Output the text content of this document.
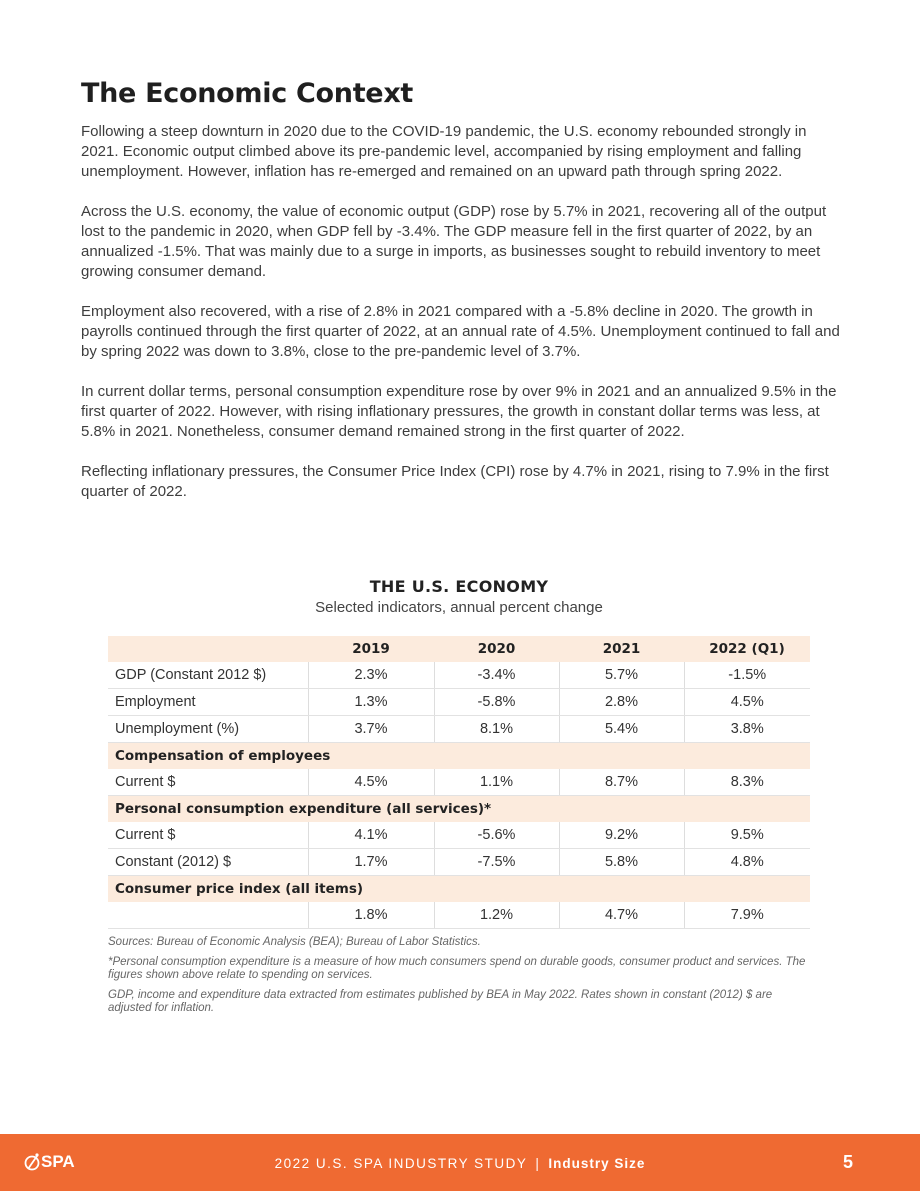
The Economic Context

Following a steep downturn in 2020 due to the COVID-19 pandemic, the U.S. economy rebounded strongly in 2021. Economic output climbed above its pre-pandemic level, accompanied by rising employment and falling unemployment. However, inflation has re-emerged and remained on an upward path through spring 2022.

Across the U.S. economy, the value of economic output (GDP) rose by 5.7% in 2021, recovering all of the output lost to the pandemic in 2020, when GDP fell by -3.4%. The GDP measure fell in the first quarter of 2022, by an annualized -1.5%. That was mainly due to a surge in imports, as businesses sought to rebuild inventory to meet growing consumer demand.

Employment also recovered, with a rise of 2.8% in 2021 compared with a -5.8% decline in 2020. The growth in payrolls continued through the first quarter of 2022, at an annual rate of 4.5%. Unemployment continued to fall and by spring 2022 was down to 3.8%, close to the pre-pandemic level of 3.7%.

In current dollar terms, personal consumption expenditure rose by over 9% in 2021 and an annualized 9.5% in the first quarter of 2022. However, with rising inflationary pressures, the growth in constant dollar terms was less, at 5.8% in 2021. Nonetheless, consumer demand remained strong in the first quarter of 2022.

Reflecting inflationary pressures, the Consumer Price Index (CPI) rose by 4.7% in 2021, rising to 7.9% in the first quarter of 2022.

THE U.S. ECONOMY
Selected indicators, annual percent change
	2019	2020	2021	2022 (Q1)
GDP (Constant 2012 $)	2.3%	-3.4%	5.7%	-1.5%
Employment	1.3%	-5.8%	2.8%	4.5%
Unemployment (%)	3.7%	8.1%	5.4%	3.8%
Compensation of employees				
Current $	4.5%	1.1%	8.7%	8.3%
Personal consumption expenditure (all services)*				
Current $	4.1%	-5.6%	9.2%	9.5%
Constant (2012) $	1.7%	-7.5%	5.8%	4.8%
Consumer price index (all items)				
	1.8%	1.2%	4.7%	7.9%

Sources: Bureau of Economic Analysis (BEA); Bureau of Labor Statistics.

*Personal consumption expenditure is a measure of how much consumers spend on durable goods, consumer product and services. The figures shown above relate to spending on services.

GDP, income and expenditure data extracted from estimates published by BEA in May 2022. Rates shown in constant (2012) $ are adjusted for inflation.

SPA	2022 U.S. SPA INDUSTRY STUDY | Industry Size	5
